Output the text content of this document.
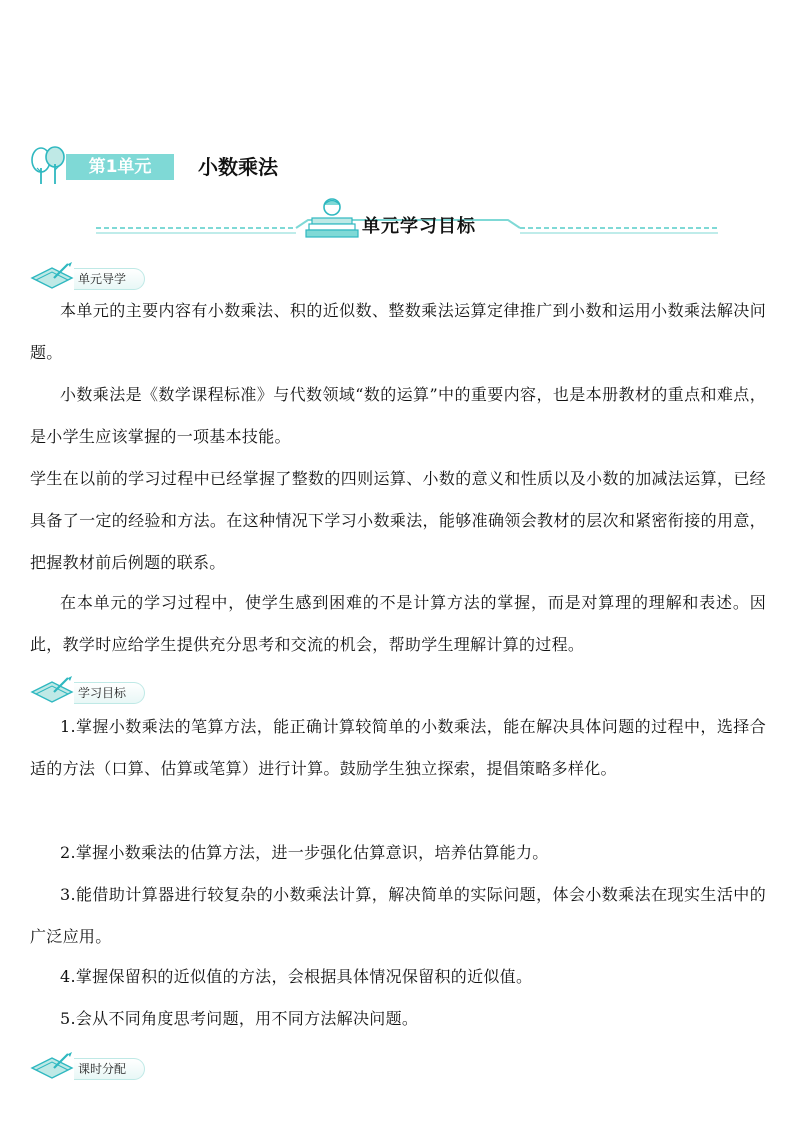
第1单元	小数乘法
单元学习目标
单元导学

本单元的主要内容有小数乘法、积的近似数、整数乘法运算定律推广到小数和运用小数乘法解决问题。

小数乘法是《数学课程标准》与代数领域“数的运算”中的重要内容，也是本册教材的重点和难点，是小学生应该掌握的一项基本技能。

学生在以前的学习过程中已经掌握了整数的四则运算、小数的意义和性质以及小数的加减法运算，已经具备了一定的经验和方法。在这种情况下学习小数乘法，能够准确领会教材的层次和紧密衔接的用意，把握教材前后例题的联系。

在本单元的学习过程中，使学生感到困难的不是计算方法的掌握，而是对算理的理解和表述。因此，教学时应给学生提供充分思考和交流的机会，帮助学生理解计算的过程。

学习目标

1.掌握小数乘法的笔算方法，能正确计算较简单的小数乘法，能在解决具体问题的过程中，选择合适的方法（口算、估算或笔算）进行计算。鼓励学生独立探索，提倡策略多样化。

2.掌握小数乘法的估算方法，进一步强化估算意识，培养估算能力。

3.能借助计算器进行较复杂的小数乘法计算，解决简单的实际问题，体会小数乘法在现实生活中的广泛应用。

4.掌握保留积的近似值的方法，会根据具体情况保留积的近似值。

5.会从不同角度思考问题，用不同方法解决问题。

课时分配
